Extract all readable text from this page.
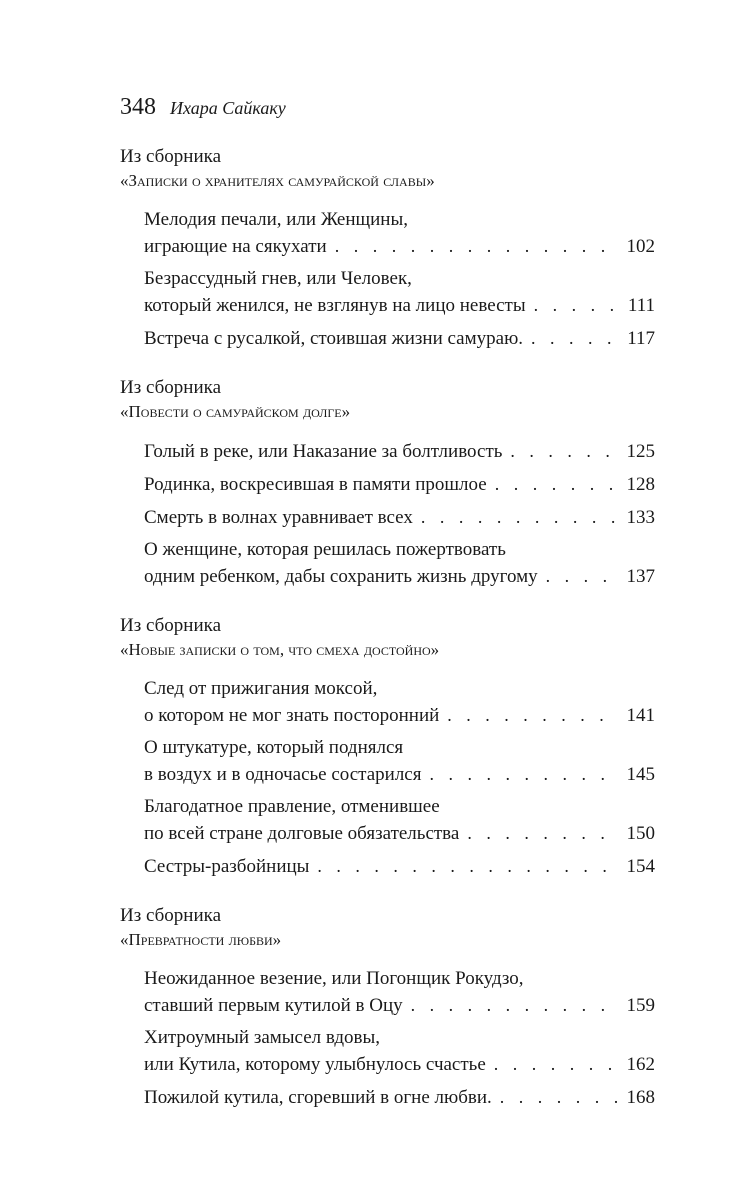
348 Ихара Сайкаку
Из сборника
«Записки о хранителях самурайской славы»
Мелодия печали, или Женщины,
играющие на сякухати . . .	102
Безрассудный гнев, или Человек,
который женился, не взглянув на лицо невесты . . .	111
Встреча с русалкой, стоившая жизни самураю. . . .	117
Из сборника
«Повести о самурайском долге»
Голый в реке, или Наказание за болтливость . . .	125
Родинка, воскресившая в памяти прошлое . . .	128
Смерть в волнах уравнивает всех . . .	133
О женщине, которая решилась пожертвовать
одним ребенком, дабы сохранить жизнь другому . . .	137
Из сборника
«Новые записки о том, что смеха достойно»
След от прижигания моксой,
о котором не мог знать посторонний . . .	141
О штукатуре, который поднялся
в воздух и в одночасье состарился . . .	145
Благодатное правление, отменившее
по всей стране долговые обязательства . . .	150
Сестры-разбойницы . . .	154
Из сборника
«Превратности любви»
Неожиданное везение, или Погонщик Рокудзо,
ставший первым кутилой в Оцу . . .	159
Хитроумный замысел вдовы,
или Кутила, которому улыбнулось счастье . . .	162
Пожилой кутила, сгоревший в огне любви. . . .	168
